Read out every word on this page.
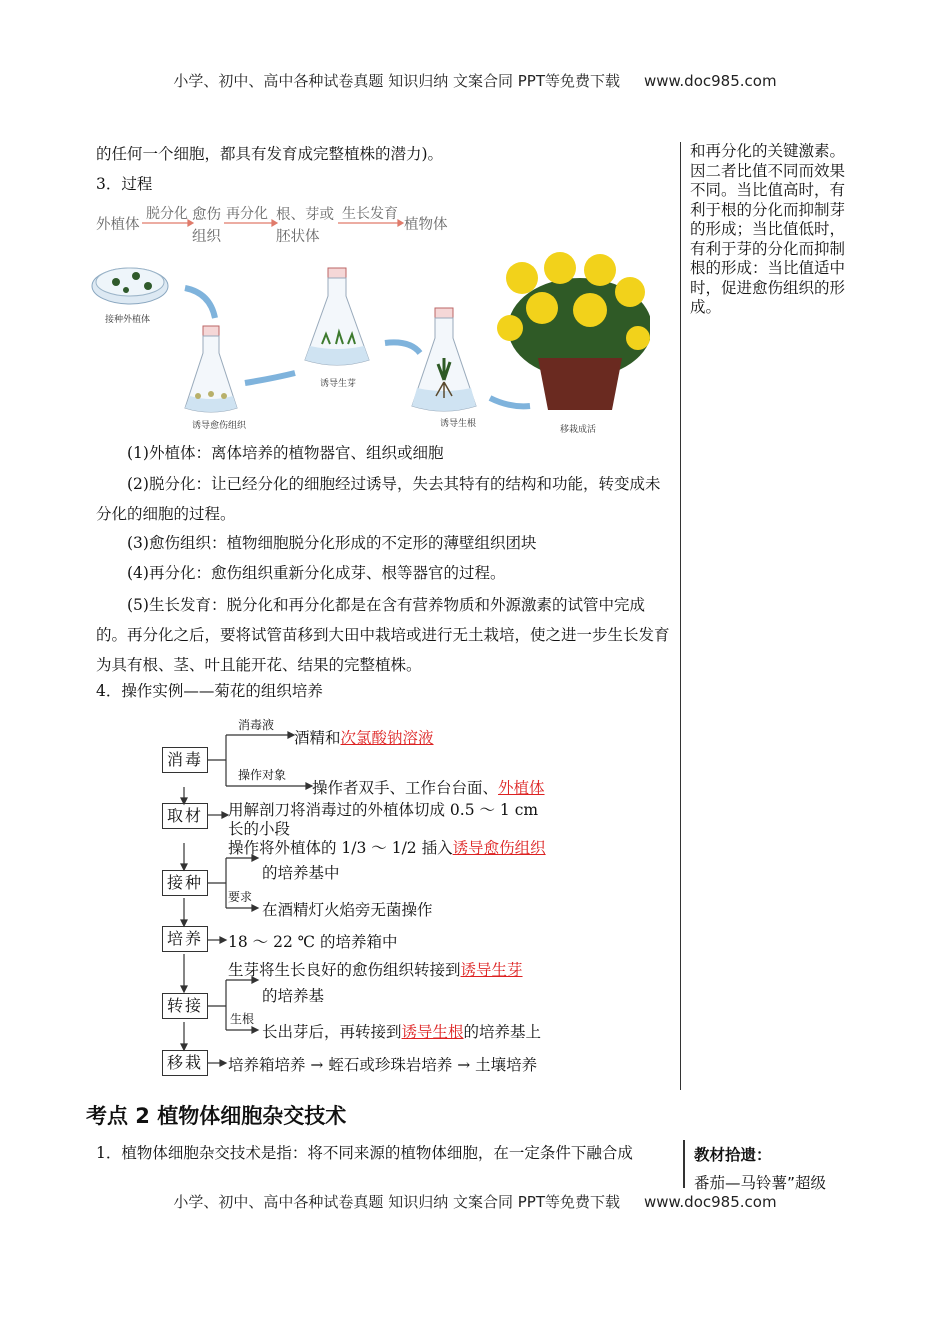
小学、初中、高中各种试卷真题 知识归纳 文案合同 PPT等免费下载 www.doc985.com
的任何一个细胞，都具有发育成完整植株的潜力)。
3．过程
外植体
脱分化 愈伤
组织
再分化 根、芽或
胚状体
生长发育
植物体
接种外植体
诱导愈伤组织
诱导生芽
诱导生根
移栽成活
(1)外植体：离体培养的植物器官、组织或细胞
(2)脱分化：让已经分化的细胞经过诱导，失去其特有的结构和功能，转变成未分化的细胞的过程。
(3)愈伤组织：植物细胞脱分化形成的不定形的薄壁组织团块
(4)再分化：愈伤组织重新分化成芽、根等器官的过程。
(5)生长发育：脱分化和再分化都是在含有营养物质和外源激素的试管中完成的。再分化之后，要将试管苗移到大田中栽培或进行无土栽培，使之进一步生长发育为具有根、茎、叶且能开花、结果的完整植株。
4．操作实例——菊花的组织培养
消毒
取材
接种
培养
转接
移栽
消毒液
酒精和次氯酸钠溶液
操作对象
操作者双手、工作台台面、外植体
用解剖刀将消毒过的外植体切成 0.5 ～ 1 cm
长的小段
操作将外植体的 1/3 ～ 1/2 插入诱导愈伤组织
的培养基中
要求
在酒精灯火焰旁无菌操作
18 ～ 22 ℃ 的培养箱中
生芽将生长良好的愈伤组织转接到诱导生芽
的培养基
生根
长出芽后，再转接到诱导生根的培养基上
培养箱培养 → 蛭石或珍珠岩培养 → 土壤培养
和再分化的关键激素。因二者比值不同而效果不同。当比值高时，有利于根的分化而抑制芽的形成；当比值低时，有利于芽的分化而抑制根的形成：当比值适中时，促进愈伤组织的形成。
考点 2 植物体细胞杂交技术
1．植物体细胞杂交技术是指：将不同来源的植物体细胞，在一定条件下融合成	教材拾遗：
番茄—马铃薯”超级
小学、初中、高中各种试卷真题 知识归纳 文案合同 PPT等免费下载 www.doc985.com
